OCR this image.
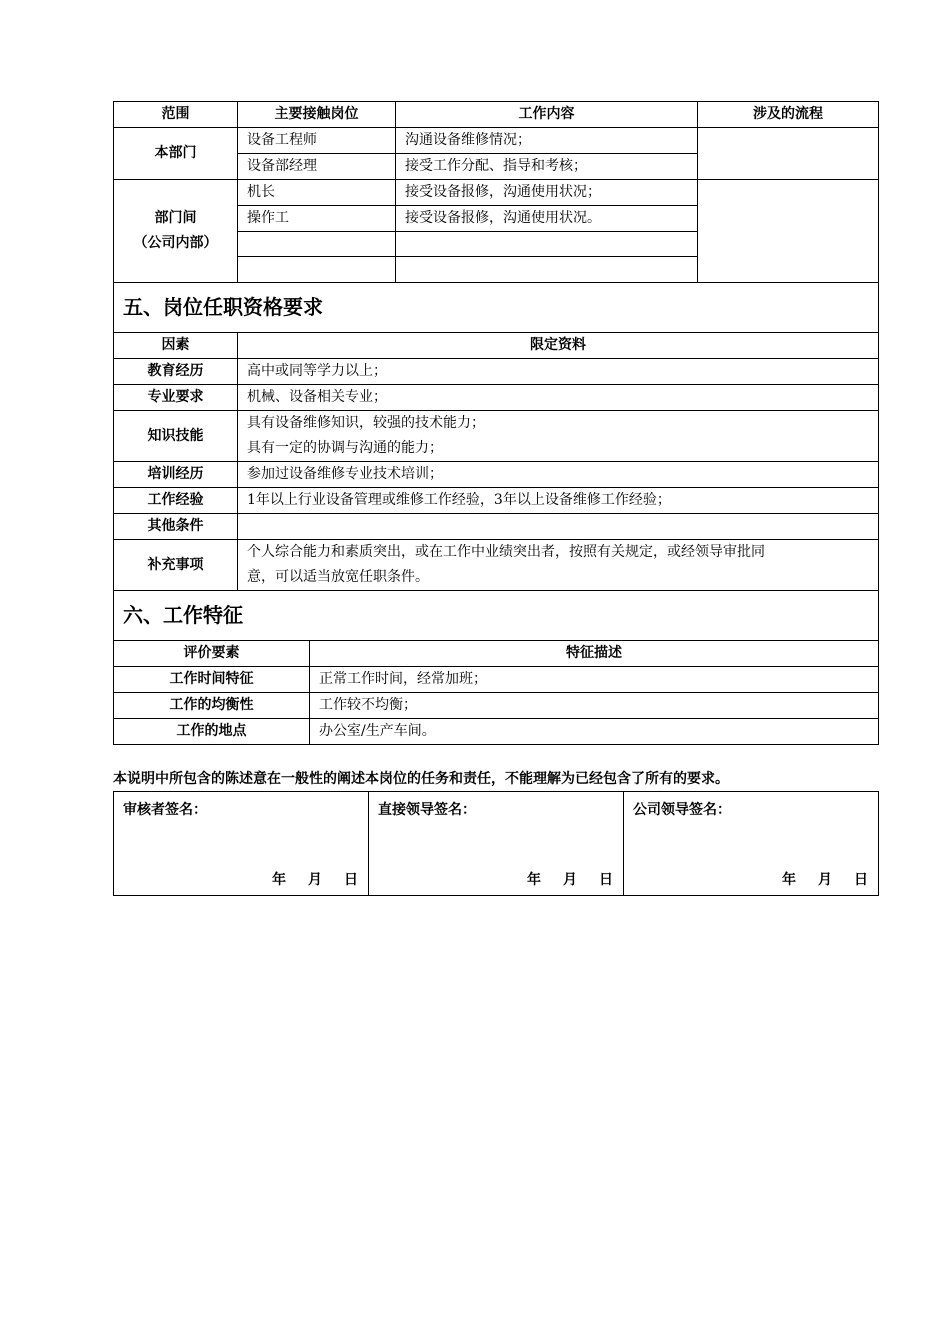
范围	主要接触岗位		工作内容	涉及的流程
本部门	设备工程师		沟通设备维修情况；	
	设备部经理		接受工作分配、指导和考核；	

部门间
（公司内部）	机长		接受设备报修，沟通使用状况；	
	操作工		接受设备报修，沟通使用状况。	

五、岗位任职资格要求				
因素	限定资料			
教育经历	高中或同等学力以上；			
专业要求	机械、设备相关专业；			
知识技能	具有设备维修知识，较强的技术能力；
具有一定的协调与沟通的能力；			

培训经历	参加过设备维修专业技术培训；			
工作经验	1年以上行业设备管理或维修工作经验，3年以上设备维修工作经验；			
其他条件				
补充事项	个人综合能力和素质突出，或在工作中业绩突出者，按照有关规定，或经领导审批同
意，可以适当放宽任职条件。			

六、工作特征				
评价要素		特征描述		
工作时间特征		正常工作时间，经常加班；		
工作的均衡性		工作较不均衡；		
工作的地点		办公室/生产车间。		
本说明中所包含的陈述意在一般性的阐述本岗位的任务和责任，不能理解为已经包含了所有的要求。
审核者签名：
年 月 日

直接领导签名：
年 月 日

公司领导签名：
年 月 日
